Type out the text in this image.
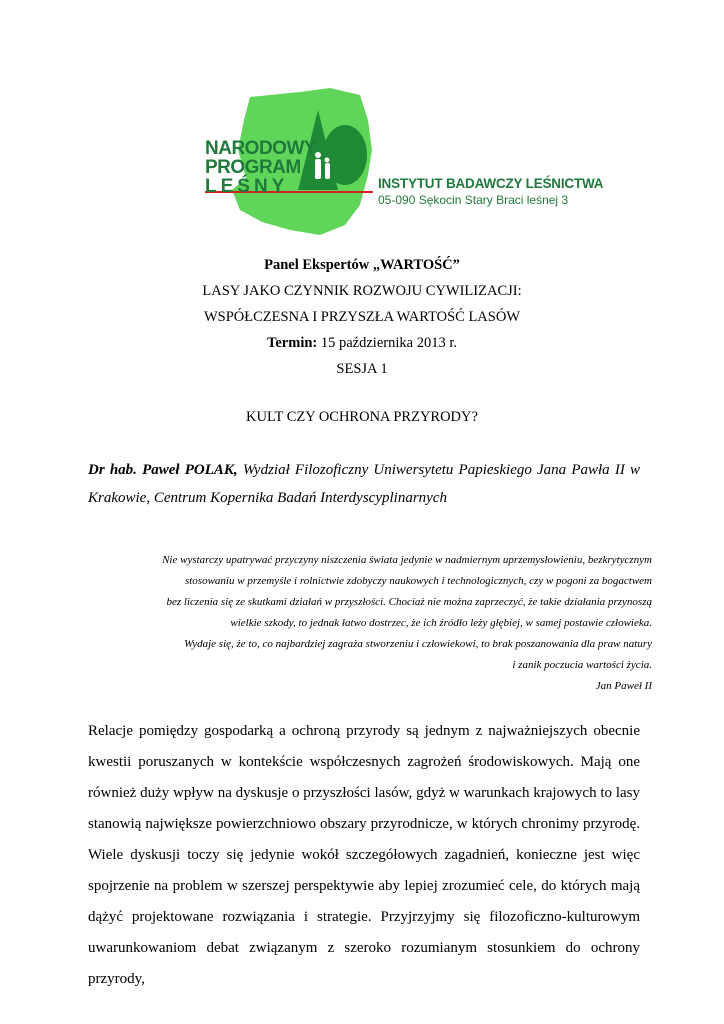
NARODOWY
PROGRAM
LEŚNY	INSTYTUT BADAWCZY LEŚNICTWA
05-090 Sękocin Stary Braci leśnej 3
Panel Ekspertów „WARTOŚĆ”
LASY JAKO CZYNNIK ROZWOJU CYWILIZACJI:
WSPÓŁCZESNA I PRZYSZŁA WARTOŚĆ LASÓW
Termin: 15 października 2013 r.
SESJA 1
KULT CZY OCHRONA PRZYRODY?
Dr hab. Paweł POLAK, Wydział Filozoficzny Uniwersytetu Papieskiego Jana Pawła II w
Krakowie, Centrum Kopernika Badań Interdyscyplinarnych
Nie wystarczy upatrywać przyczyny niszczenia świata jedynie w nadmiernym uprzemysłowieniu, bezkrytycznym
stosowaniu w przemyśle i rolnictwie zdobyczy naukowych i technologicznych, czy w pogoni za bogactwem
bez liczenia się ze skutkami działań w przyszłości. Chociaż nie można zaprzeczyć, że takie działania przynoszą
wielkie szkody, to jednak łatwo dostrzec, że ich źródło leży głębiej, w samej postawie człowieka.
Wydaje się, że to, co najbardziej zagraża stworzeniu i człowiekowi, to brak poszanowania dla praw natury
i zanik poczucia wartości życia.
Jan Paweł II
Relacje pomiędzy gospodarką a ochroną przyrody są jednym z najważniejszych obecnie
kwestii poruszanych w kontekście współczesnych zagrożeń środowiskowych. Mają one
również duży wpływ na dyskusje o przyszłości lasów, gdyż w warunkach krajowych to lasy
stanowią największe powierzchniowo obszary przyrodnicze, w których chronimy przyrodę.
Wiele dyskusji toczy się jedynie wokół szczegółowych zagadnień, konieczne jest więc
spojrzenie na problem w szerszej perspektywie aby lepiej zrozumieć cele, do których mają
dążyć projektowane rozwiązania i strategie. Przyjrzyjmy się filozoficzno-kulturowym
uwarunkowaniom debat związanym z szeroko rozumianym stosunkiem do ochrony przyrody,
